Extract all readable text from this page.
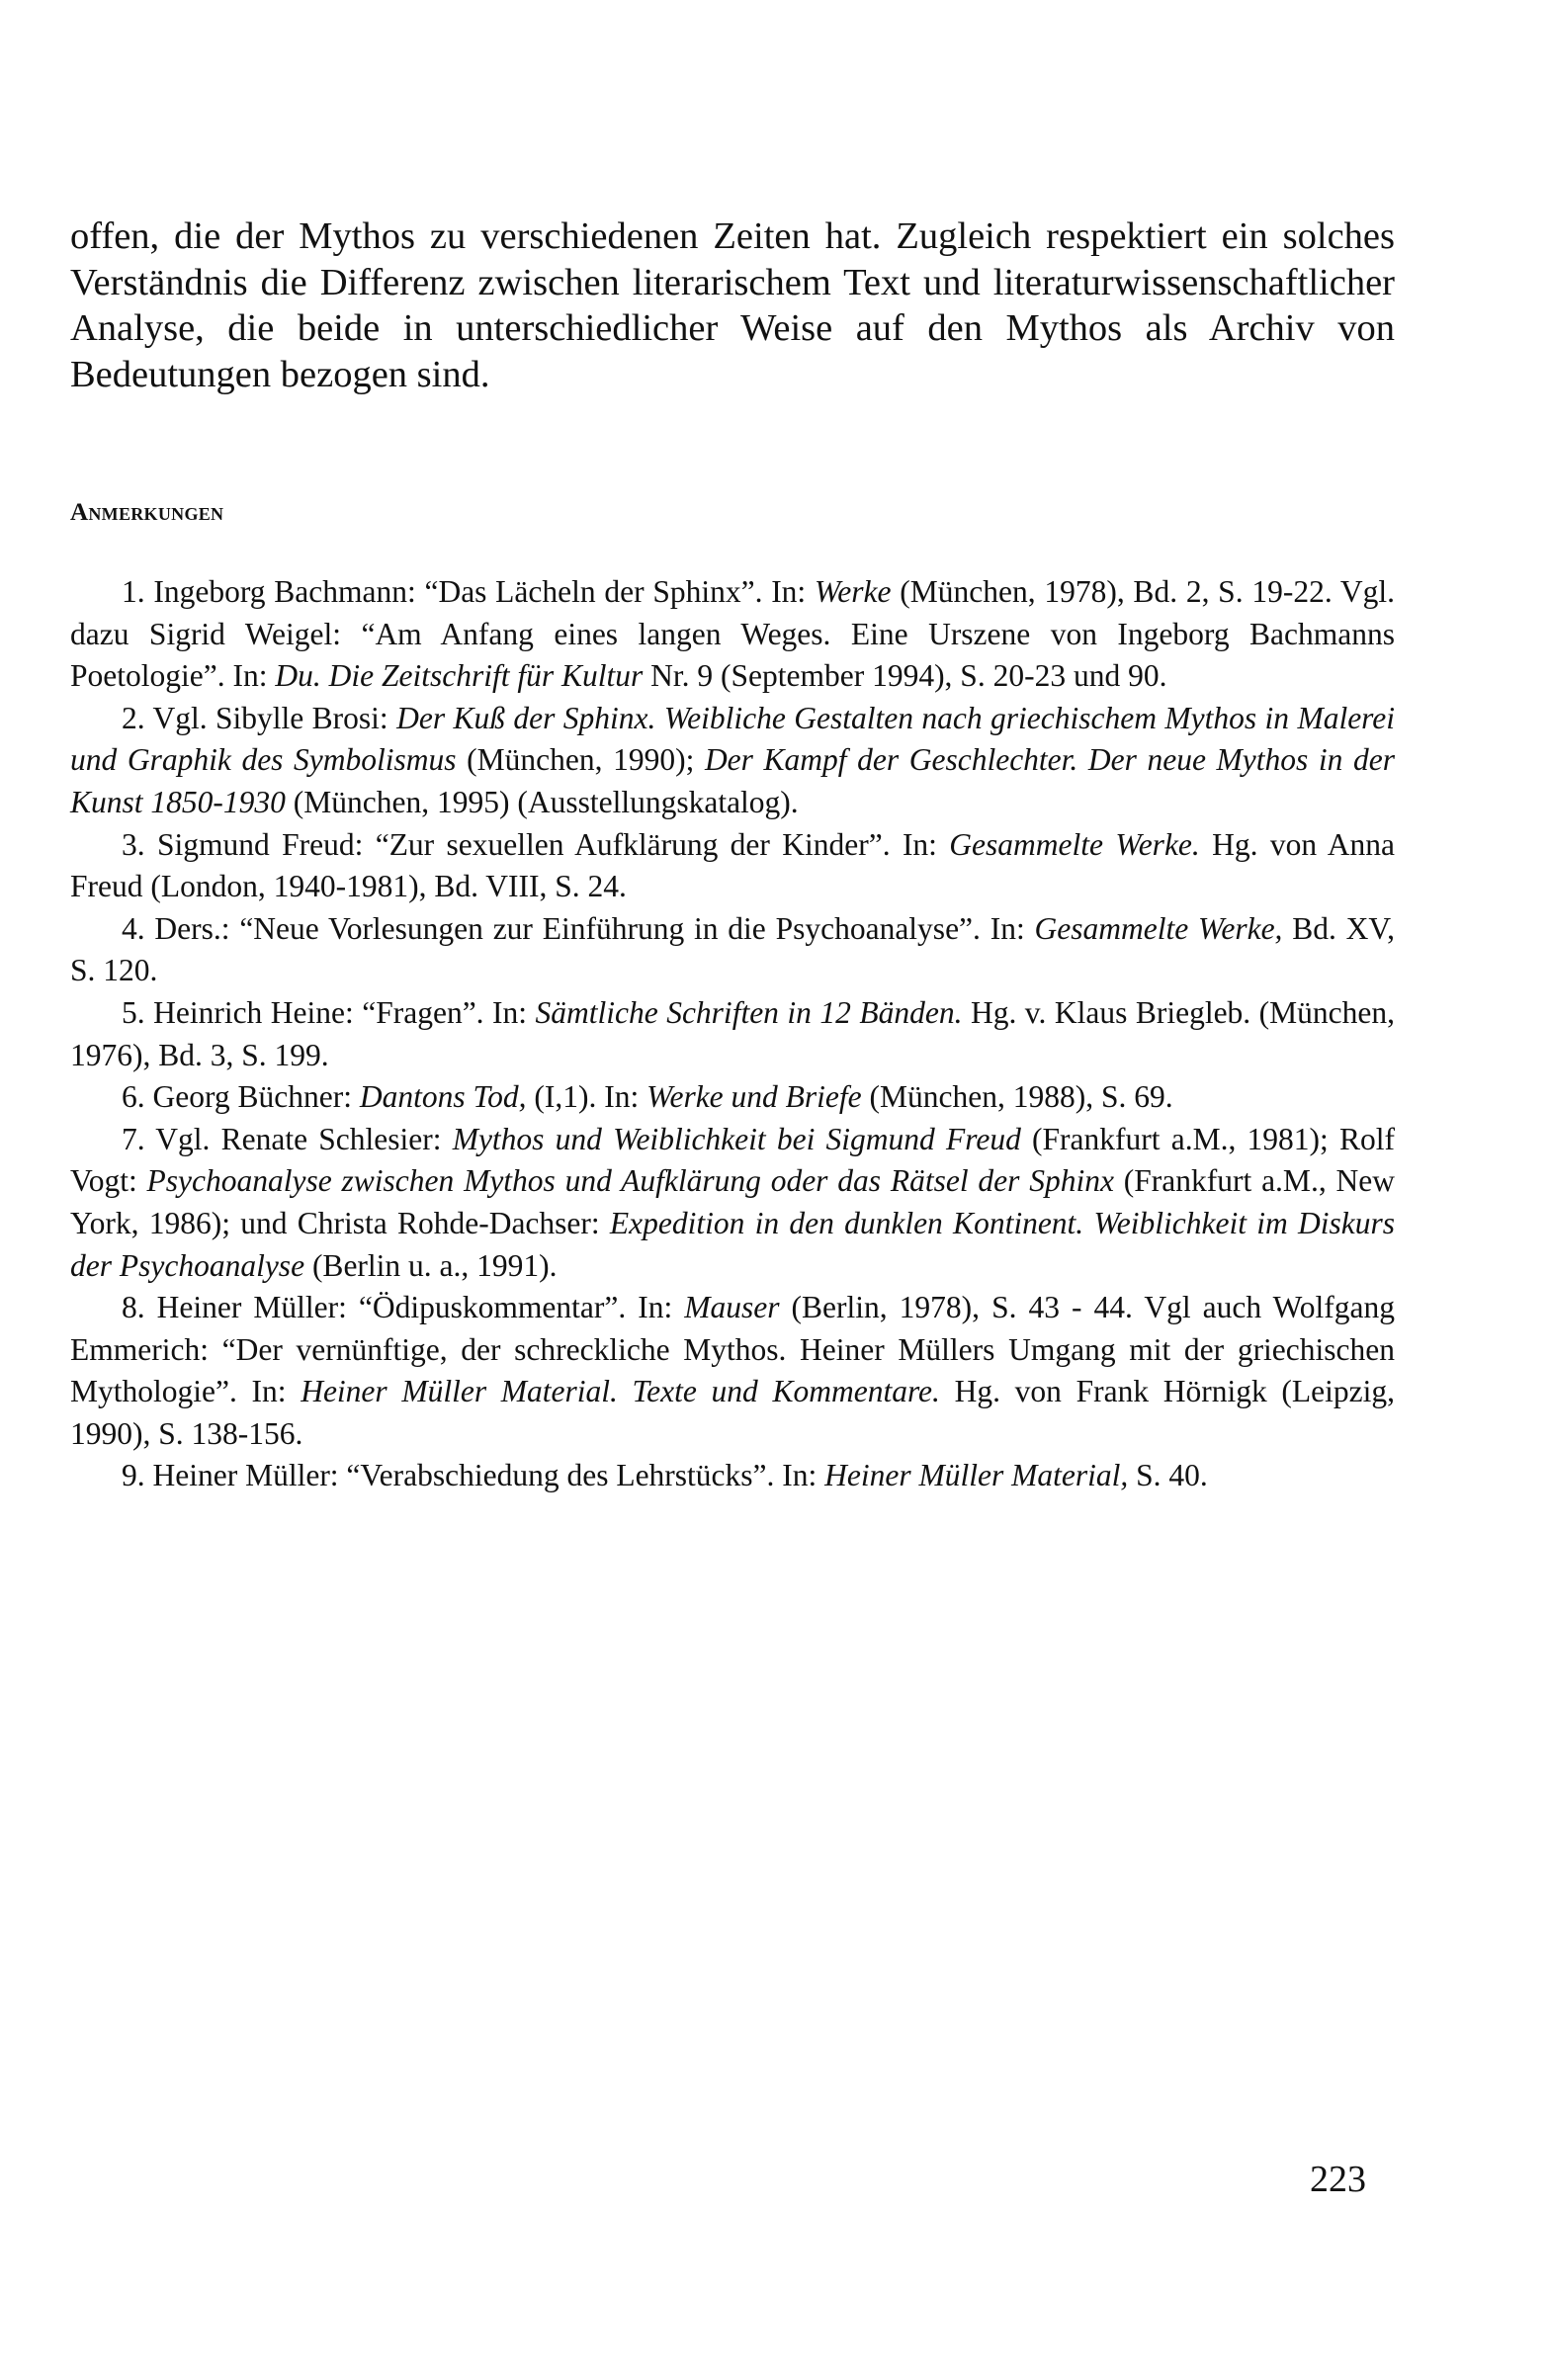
offen, die der Mythos zu verschiedenen Zeiten hat. Zugleich respektiert ein solches Verständnis die Differenz zwischen literarischem Text und literaturwissenschaftlicher Analyse, die beide in unterschiedlicher Weise auf den Mythos als Archiv von Bedeutungen bezogen sind.

Anmerkungen
1. Ingeborg Bachmann: “Das Lächeln der Sphinx”. In: Werke (München, 1978), Bd. 2, S. 19-22. Vgl. dazu Sigrid Weigel: “Am Anfang eines langen Weges. Eine Urszene von Ingeborg Bachmanns Poetologie”. In: Du. Die Zeitschrift für Kultur Nr. 9 (September 1994), S. 20-23 und 90.
2. Vgl. Sibylle Brosi: Der Kuß der Sphinx. Weibliche Gestalten nach griechischem Mythos in Malerei und Graphik des Symbolismus (München, 1990); Der Kampf der Geschlechter. Der neue Mythos in der Kunst 1850-1930 (München, 1995) (Ausstellungskatalog).
3. Sigmund Freud: “Zur sexuellen Aufklärung der Kinder”. In: Gesammelte Werke. Hg. von Anna Freud (London, 1940-1981), Bd. VIII, S. 24.
4. Ders.: “Neue Vorlesungen zur Einführung in die Psychoanalyse”. In: Gesammelte Werke, Bd. XV, S. 120.
5. Heinrich Heine: “Fragen”. In: Sämtliche Schriften in 12 Bänden. Hg. v. Klaus Briegleb. (München, 1976), Bd. 3, S. 199.
6. Georg Büchner: Dantons Tod, (I,1). In: Werke und Briefe (München, 1988), S. 69.
7. Vgl. Renate Schlesier: Mythos und Weiblichkeit bei Sigmund Freud (Frankfurt a.M., 1981); Rolf Vogt: Psychoanalyse zwischen Mythos und Aufklärung oder das Rätsel der Sphinx (Frankfurt a.M., New York, 1986); und Christa Rohde-Dachser: Expedition in den dunklen Kontinent. Weiblichkeit im Diskurs der Psychoanalyse (Berlin u. a., 1991).
8. Heiner Müller: “Ödipuskommentar”. In: Mauser (Berlin, 1978), S. 43 - 44. Vgl auch Wolfgang Emmerich: “Der vernünftige, der schreckliche Mythos. Heiner Müllers Umgang mit der griechischen Mythologie”. In: Heiner Müller Material. Texte und Kommentare. Hg. von Frank Hörnigk (Leipzig, 1990), S. 138-156.
9. Heiner Müller: “Verabschiedung des Lehrstücks”. In: Heiner Müller Material, S. 40.
223
